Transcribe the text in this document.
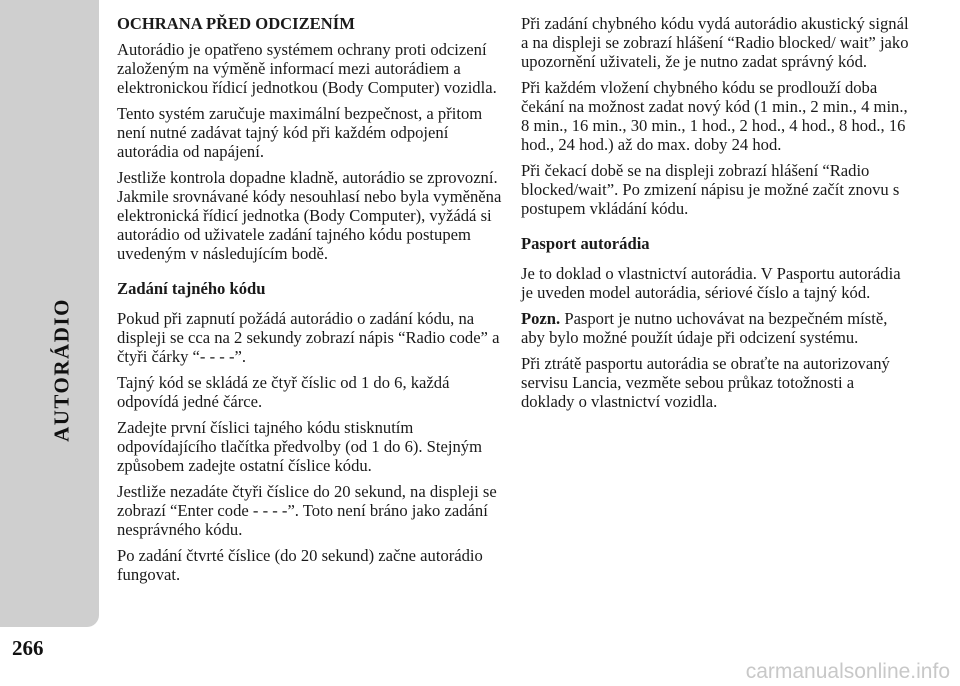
AUTORÁDIO
266
OCHRANA PŘED ODCIZENÍM

Autorádio je opatřeno systémem ochrany proti odcizení založeným na výměně informací mezi autorádiem a elektronickou řídicí jednotkou (Body Computer) vozidla.

Tento systém zaručuje maximální bezpečnost, a přitom není nutné zadávat tajný kód při každém odpojení autorádia od napájení.

Jestliže kontrola dopadne kladně, autorádio se zprovozní. Jakmile srovnávané kódy nesouhlasí nebo byla vyměněna elektronická řídicí jednotka (Body Computer), vyžádá si autorádio od uživatele zadání tajného kódu postupem uvedeným v následujícím bodě.

Zadání tajného kódu

Pokud při zapnutí požádá autorádio o zadání kódu, na displeji se cca na 2 sekundy zobrazí nápis “Radio code” a čtyři čárky “- - - -”.

Tajný kód se skládá ze čtyř číslic od 1 do 6, každá odpovídá jedné čárce.

Zadejte první číslici tajného kódu stisknutím odpovídajícího tlačítka předvolby (od 1 do 6). Stejným způsobem zadejte ostatní číslice kódu.

Jestliže nezadáte čtyři číslice do 20 sekund, na displeji se zobrazí “Enter code - - - -”. Toto není bráno jako zadání nesprávného kódu.

Po zadání čtvrté číslice (do 20 sekund) začne autorádio fungovat.

Při zadání chybného kódu vydá autorádio akustický signál a na displeji se zobrazí hlášení “Radio blocked/ wait” jako upozornění uživateli, že je nutno zadat správný kód.

Při každém vložení chybného kódu se prodlouží doba čekání na možnost zadat nový kód (1 min., 2 min., 4 min., 8 min., 16 min., 30 min., 1 hod., 2 hod., 4 hod., 8 hod., 16 hod., 24 hod.) až do max. doby 24 hod.

Při čekací době se na displeji zobrazí hlášení “Radio blocked/wait”. Po zmizení nápisu je možné začít znovu s postupem vkládání kódu.

Pasport autorádia

Je to doklad o vlastnictví autorádia. V Pasportu autorádia je uveden model autorádia, sériové číslo a tajný kód.

Pozn. Pasport je nutno uchovávat na bezpečném místě, aby bylo možné použít údaje při odcizení systému.

Při ztrátě pasportu autorádia se obraťte na autorizovaný servisu Lancia, vezměte sebou průkaz totožnosti a doklady o vlastnictví vozidla.

carmanualsonline.info
